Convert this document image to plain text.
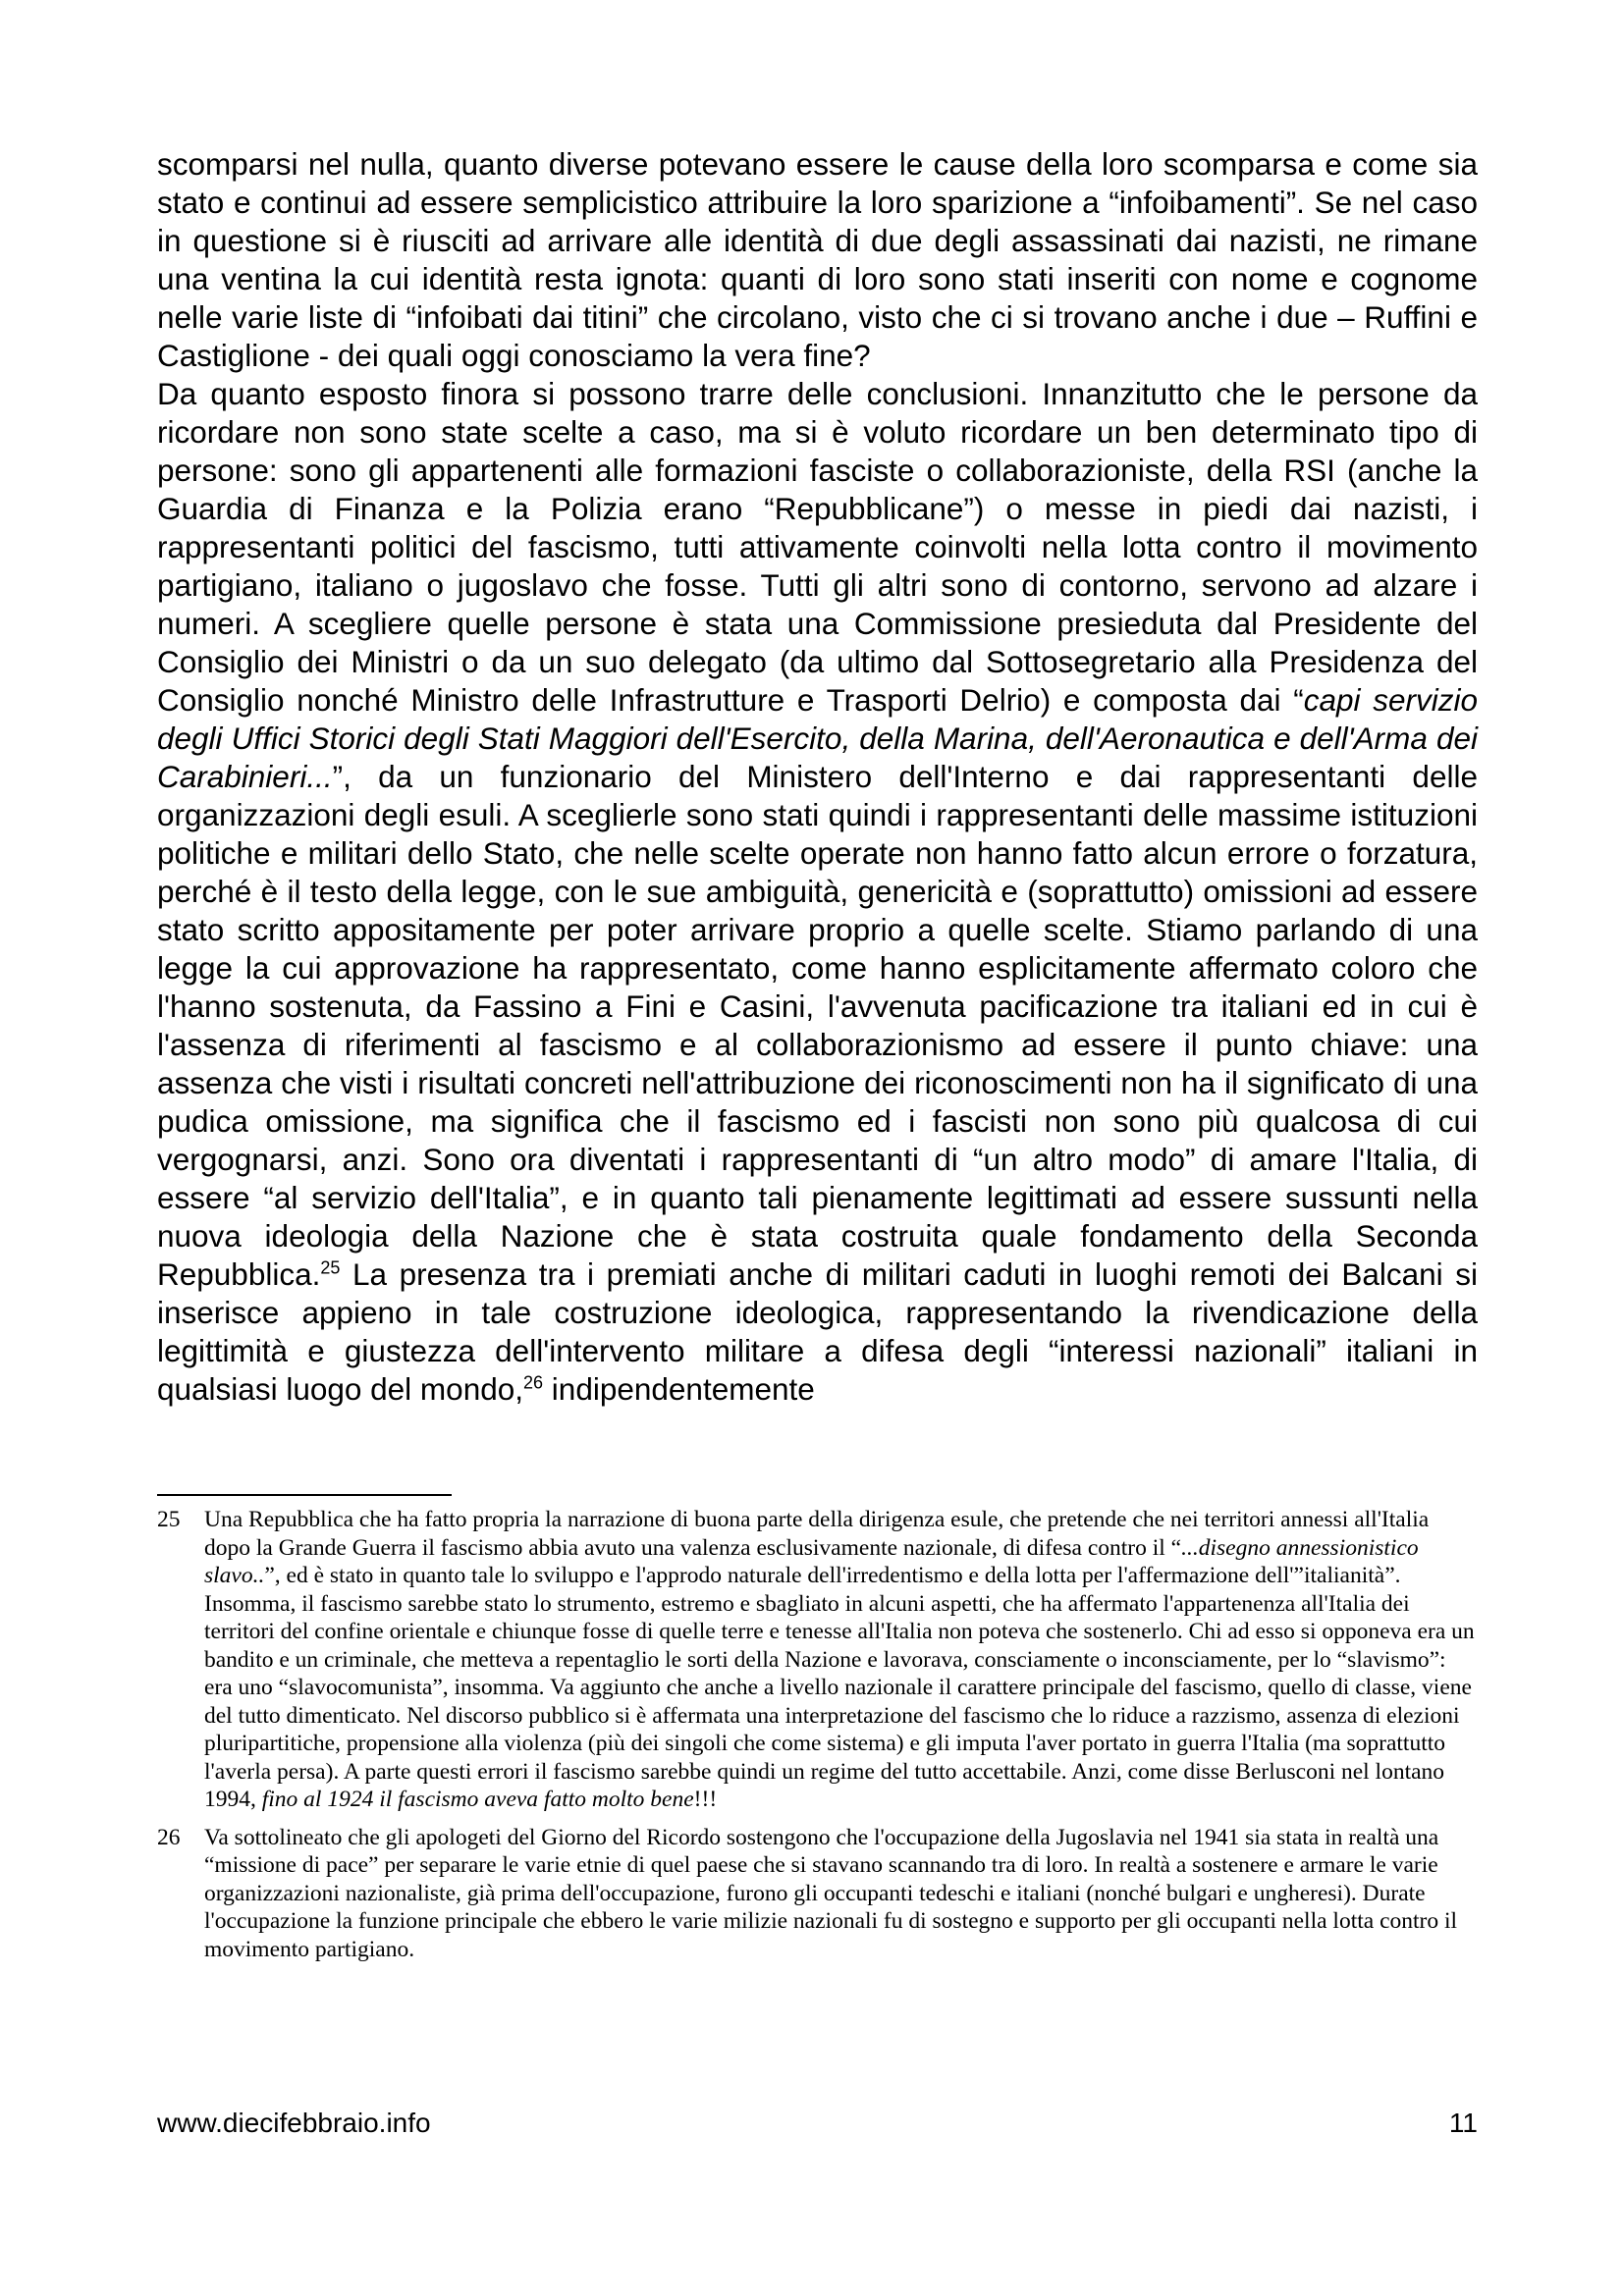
scomparsi nel nulla, quanto diverse potevano essere le cause della loro scomparsa e come sia stato e continui ad essere semplicistico attribuire la loro sparizione a “infoibamenti”. Se nel caso in questione si è riusciti ad arrivare alle identità di due degli assassinati dai nazisti, ne rimane una ventina la cui identità resta ignota: quanti di loro sono stati inseriti con nome e cognome nelle varie liste di “infoibati dai titini” che circolano, visto che ci si trovano anche i due – Ruffini e Castiglione - dei quali oggi conosciamo la vera fine?

Da quanto esposto finora si possono trarre delle conclusioni. Innanzitutto che le persone da ricordare non sono state scelte a caso, ma si è voluto ricordare un ben determinato tipo di persone: sono gli appartenenti alle formazioni fasciste o collaborazioniste, della RSI (anche la Guardia di Finanza e la Polizia erano “Repubblicane”) o messe in piedi dai nazisti, i rappresentanti politici del fascismo, tutti attivamente coinvolti nella lotta contro il movimento partigiano, italiano o jugoslavo che fosse. Tutti gli altri sono di contorno, servono ad alzare i numeri. A scegliere quelle persone è stata una Commissione presieduta dal Presidente del Consiglio dei Ministri o da un suo delegato (da ultimo dal Sottosegretario alla Presidenza del Consiglio nonché Ministro delle Infrastrutture e Trasporti Delrio) e composta dai “capi servizio degli Uffici Storici degli Stati Maggiori dell'Esercito, della Marina, dell'Aeronautica e dell'Arma dei Carabinieri...”, da un funzionario del Ministero dell'Interno e dai rappresentanti delle organizzazioni degli esuli. A sceglierle sono stati quindi i rappresentanti delle massime istituzioni politiche e militari dello Stato, che nelle scelte operate non hanno fatto alcun errore o forzatura, perché è il testo della legge, con le sue ambiguità, genericità e (soprattutto) omissioni ad essere stato scritto appositamente per poter arrivare proprio a quelle scelte. Stiamo parlando di una legge la cui approvazione ha rappresentato, come hanno esplicitamente affermato coloro che l'hanno sostenuta, da Fassino a Fini e Casini, l'avvenuta pacificazione tra italiani ed in cui è l'assenza di riferimenti al fascismo e al collaborazionismo ad essere il punto chiave: una assenza che visti i risultati concreti nell'attribuzione dei riconoscimenti non ha il significato di una pudica omissione, ma significa che il fascismo ed i fascisti non sono più qualcosa di cui vergognarsi, anzi. Sono ora diventati i rappresentanti di “un altro modo” di amare l'Italia, di essere “al servizio dell'Italia”, e in quanto tali pienamente legittimati ad essere sussunti nella nuova ideologia della Nazione che è stata costruita quale fondamento della Seconda Repubblica.$^{25}$ La presenza tra i premiati anche di militari caduti in luoghi remoti dei Balcani si inserisce appieno in tale costruzione ideologica, rappresentando la rivendicazione della legittimità e giustezza dell'intervento militare a difesa degli “interessi nazionali” italiani in qualsiasi luogo del mondo,$^{26}$ indipendentemente

25	Una Repubblica che ha fatto propria la narrazione di buona parte della dirigenza esule, che pretende che nei territori annessi all'Italia dopo la Grande Guerra il fascismo abbia avuto una valenza esclusivamente nazionale, di difesa contro il “...disegno annessionistico slavo..”, ed è stato in quanto tale lo sviluppo e l'approdo naturale dell'irredentismo e della lotta per l'affermazione dell'”italianità”. Insomma, il fascismo sarebbe stato lo strumento, estremo e sbagliato in alcuni aspetti, che ha affermato l'appartenenza all'Italia dei territori del confine orientale e chiunque fosse di quelle terre e tenesse all'Italia non poteva che sostenerlo. Chi ad esso si opponeva era un bandito e un criminale, che metteva a repentaglio le sorti della Nazione e lavorava, consciamente o inconsciamente, per lo “slavismo”: era uno “slavocomunista”, insomma. Va aggiunto che anche a livello nazionale il carattere principale del fascismo, quello di classe, viene del tutto dimenticato. Nel discorso pubblico si è affermata una interpretazione del fascismo che lo riduce a razzismo, assenza di elezioni pluripartitiche, propensione alla violenza (più dei singoli che come sistema) e gli imputa l'aver portato in guerra l'Italia (ma soprattutto l'averla persa). A parte questi errori il fascismo sarebbe quindi un regime del tutto accettabile. Anzi, come disse Berlusconi nel lontano 1994, fino al 1924 il fascismo aveva fatto molto bene!!!
26	Va sottolineato che gli apologeti del Giorno del Ricordo sostengono che l'occupazione della Jugoslavia nel 1941 sia stata in realtà una “missione di pace” per separare le varie etnie di quel paese che si stavano scannando tra di loro. In realtà a sostenere e armare le varie organizzazioni nazionaliste, già prima dell'occupazione, furono gli occupanti tedeschi e italiani (nonché bulgari e ungheresi). Durate l'occupazione la funzione principale che ebbero le varie milizie nazionali fu di sostegno e supporto per gli occupanti nella lotta contro il movimento partigiano.
www.diecifebbraio.info	11
